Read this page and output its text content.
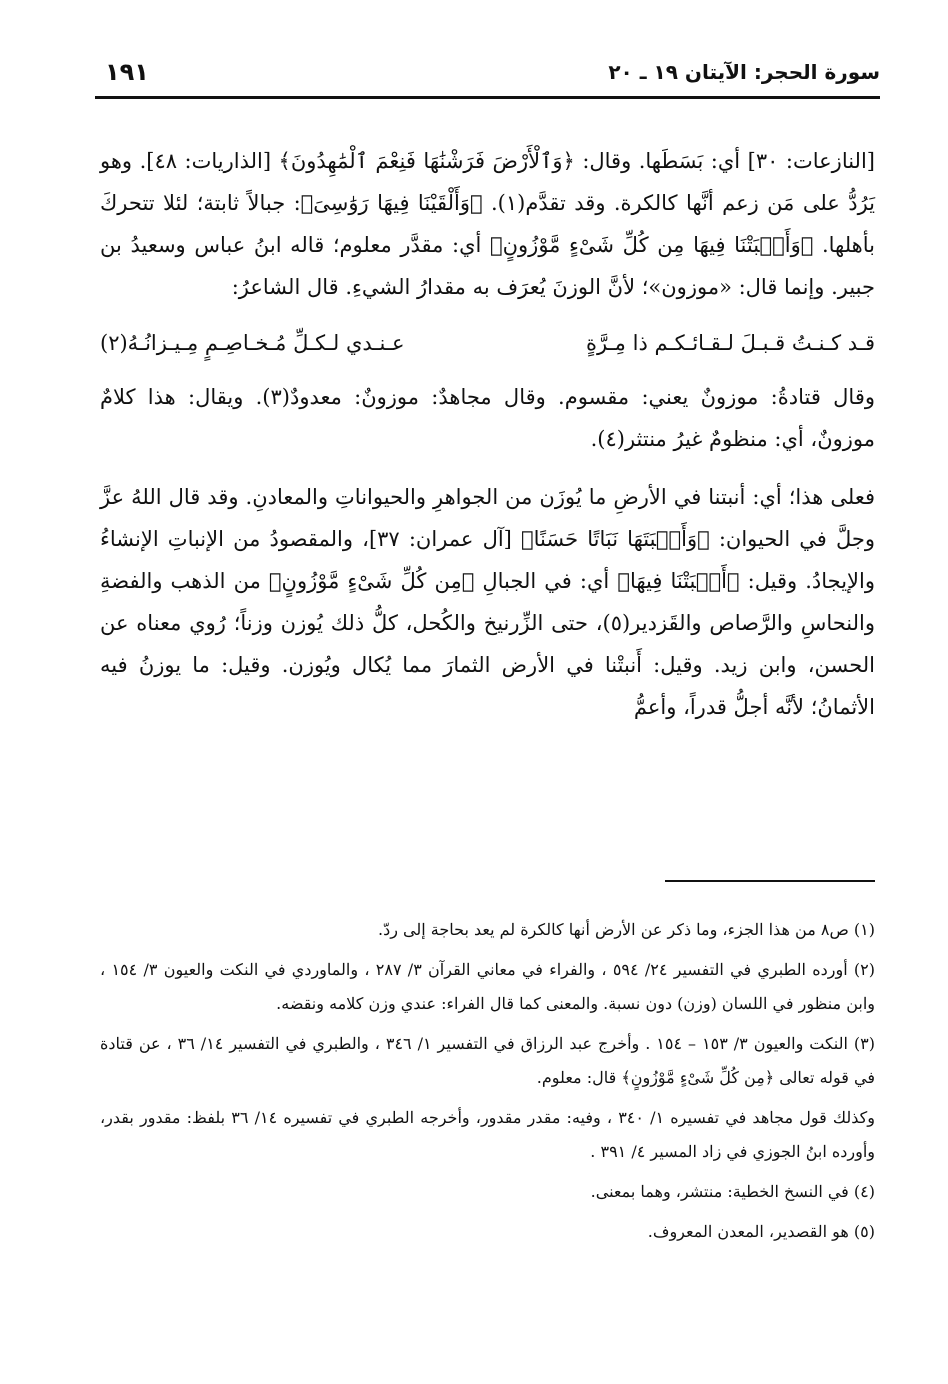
سورة الحجر: الآيتان ١٩ ـ ٢٠
١٩١

[النازعات: ٣٠] أي: بَسَطَها. وقال: ﴿وَٱلْأَرْضَ فَرَشْنَٰهَا فَنِعْمَ ٱلْمَٰهِدُونَ﴾ [الذاريات: ٤٨]. وهو يَرُدُّ على مَن زعم أنَّها كالكرة. وقد تقدَّم(١). ﴿وَأَلْقَيْنَا فِيهَا رَوَٰسِىَ﴾: جبالاً ثابتة؛ لئلا تتحركَ بأهلها. ﴿وَأَنۢبَتْنَا فِيهَا مِن كُلِّ شَىْءٍ مَّوْزُونٍ﴾ أي: مقدَّر معلوم؛ قاله ابنُ عباس وسعيدُ بن جبير. وإنما قال: «موزون»؛ لأنَّ الوزنَ يُعرَف به مقدارُ الشيءِ. قال الشاعرُ:

قـد كـنـتُ قـبـلَ لـقـائـكـم ذا مِـرَّةٍ
عـنـدي لـكـلِّ مُـخـاصِـمٍ مِـيـزانُـهُ(٢)

وقال قتادةُ: موزونٌ يعني: مقسوم. وقال مجاهدٌ: موزونٌ: معدودٌ(٣). ويقال: هذا كلامٌ موزونٌ، أي: منظومٌ غيرُ منتثر(٤).

فعلى هذا؛ أي: أنبتنا في الأرضِ ما يُوزَن من الجواهرِ والحيواناتِ والمعادنِ. وقد قال اللهُ عزَّ وجلَّ في الحيوان: ﴿وَأَنۢبَتَهَا نَبَاتًا حَسَنًا﴾ [آل عمران: ٣٧]، والمقصودُ من الإنباتِ الإنشاءُ والإيجادُ. وقيل: ﴿أَنۢبَتْنَا فِيهَا﴾ أي: في الجبالِ ﴿مِن كُلِّ شَىْءٍ مَّوْزُونٍ﴾ من الذهب والفضةِ والنحاسِ والرَّصاص والقَزدير(٥)، حتى الزِّرنيخ والكُحل، كلُّ ذلك يُوزن وزناً؛ رُوي معناه عن الحسن، وابن زيد. وقيل: أَنبتْنا في الأرض الثمارَ مما يُكال ويُوزن. وقيل: ما يوزنُ فيه الأثمانُ؛ لأنَّه أجلُّ قدراً، وأعمُّ

(١) ص٨ من هذا الجزء، وما ذكر عن الأرض أنها كالكرة لم يعد بحاجة إلى ردّ.

(٢) أورده الطبري في التفسير ٢٤/ ٥٩٤ ، والفراء في معاني القرآن ٣/ ٢٨٧ ، والماوردي في النكت والعيون ٣/ ١٥٤ ، وابن منظور في اللسان (وزن) دون نسبة. والمعنى كما قال الفراء: عندي وزن كلامه ونقضه.

(٣) النكت والعيون ٣/ ١٥٣ – ١٥٤ . وأخرج عبد الرزاق في التفسير ١/ ٣٤٦ ، والطبري في التفسير ١٤/ ٣٦ ، عن قتادة في قوله تعالى ﴿مِن كُلِّ شَىْءٍ مَّوْزُونٍ﴾ قال: معلوم.

وكذلك قول مجاهد في تفسيره ١/ ٣٤٠ ، وفيه: مقدر مقدور، وأخرجه الطبري في تفسيره ١٤/ ٣٦ بلفظ: مقدور بقدر، وأورده ابنُ الجوزي في زاد المسير ٤/ ٣٩١ .

(٤) في النسخ الخطية: منتشر، وهما بمعنى.

(٥) هو القصدير، المعدن المعروف.
